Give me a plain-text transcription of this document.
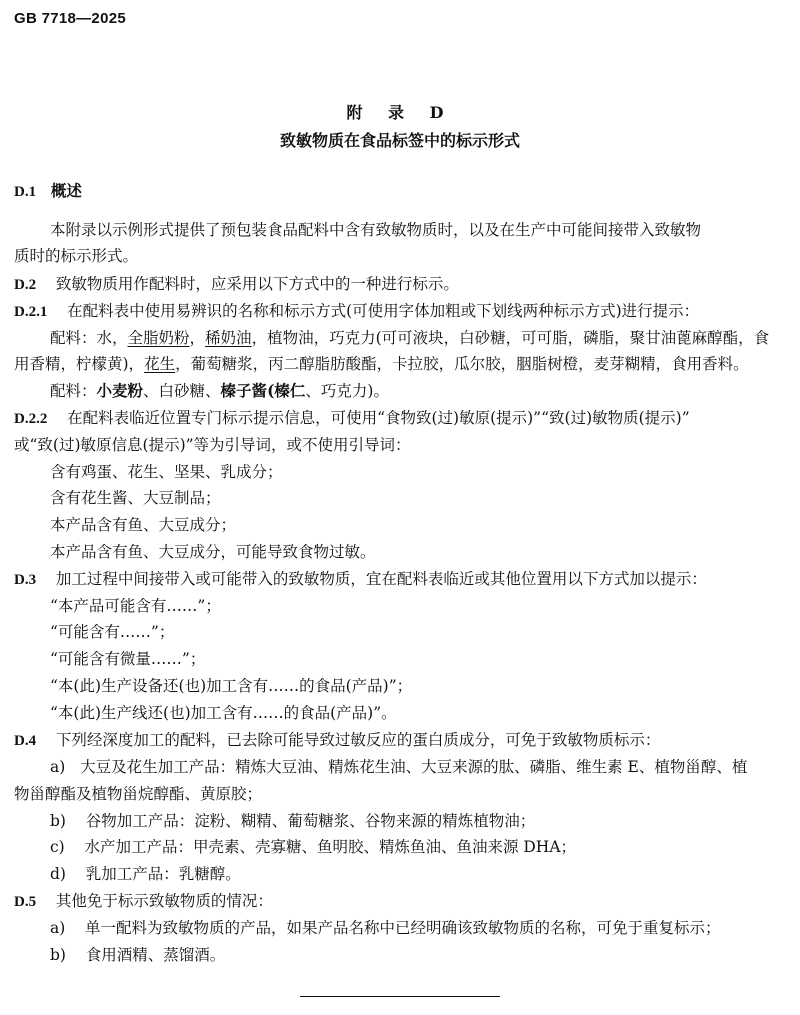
GB 7718—2025
附 录 D
致敏物质在食品标签中的标示形式
D.1 概述
本附录以示例形式提供了预包装食品配料中含有致敏物质时，以及在生产中可能间接带入致敏物
质时的标示形式。
D.2 致敏物质用作配料时，应采用以下方式中的一种进行标示。
D.2.1 在配料表中使用易辨识的名称和标示方式(可使用字体加粗或下划线两种标示方式)进行提示：
配料：水，全脂奶粉，稀奶油，植物油，巧克力(可可液块，白砂糖，可可脂，磷脂，聚甘油蓖麻醇酯，食
用香精，柠檬黄)，花生，葡萄糖浆，丙二醇脂肪酸酯，卡拉胶，瓜尔胶，胭脂树橙，麦芽糊精，食用香料。
配料：小麦粉、白砂糖、榛子酱(榛仁、巧克力)。
D.2.2 在配料表临近位置专门标示提示信息，可使用“食物致(过)敏原(提示)”“致(过)敏物质(提示)”
或“致(过)敏原信息(提示)”等为引导词，或不使用引导词：
含有鸡蛋、花生、坚果、乳成分；
含有花生酱、大豆制品；
本产品含有鱼、大豆成分；
本产品含有鱼、大豆成分，可能导致食物过敏。
D.3 加工过程中间接带入或可能带入的致敏物质，宜在配料表临近或其他位置用以下方式加以提示：
“本产品可能含有……”；
“可能含有……”；
“可能含有微量……”；
“本(此)生产设备还(也)加工含有……的食品(产品)”；
“本(此)生产线还(也)加工含有……的食品(产品)”。
D.4 下列经深度加工的配料，已去除可能导致过敏反应的蛋白质成分，可免于致敏物质标示：
a) 大豆及花生加工产品：精炼大豆油、精炼花生油、大豆来源的肽、磷脂、维生素 E、植物甾醇、植
物甾醇酯及植物甾烷醇酯、黄原胶；
b) 谷物加工产品：淀粉、糊精、葡萄糖浆、谷物来源的精炼植物油；
c) 水产加工产品：甲壳素、壳寡糖、鱼明胶、精炼鱼油、鱼油来源 DHA；
d) 乳加工产品：乳糖醇。
D.5 其他免于标示致敏物质的情况：
a) 单一配料为致敏物质的产品，如果产品名称中已经明确该致敏物质的名称，可免于重复标示；
b) 食用酒精、蒸馏酒。
